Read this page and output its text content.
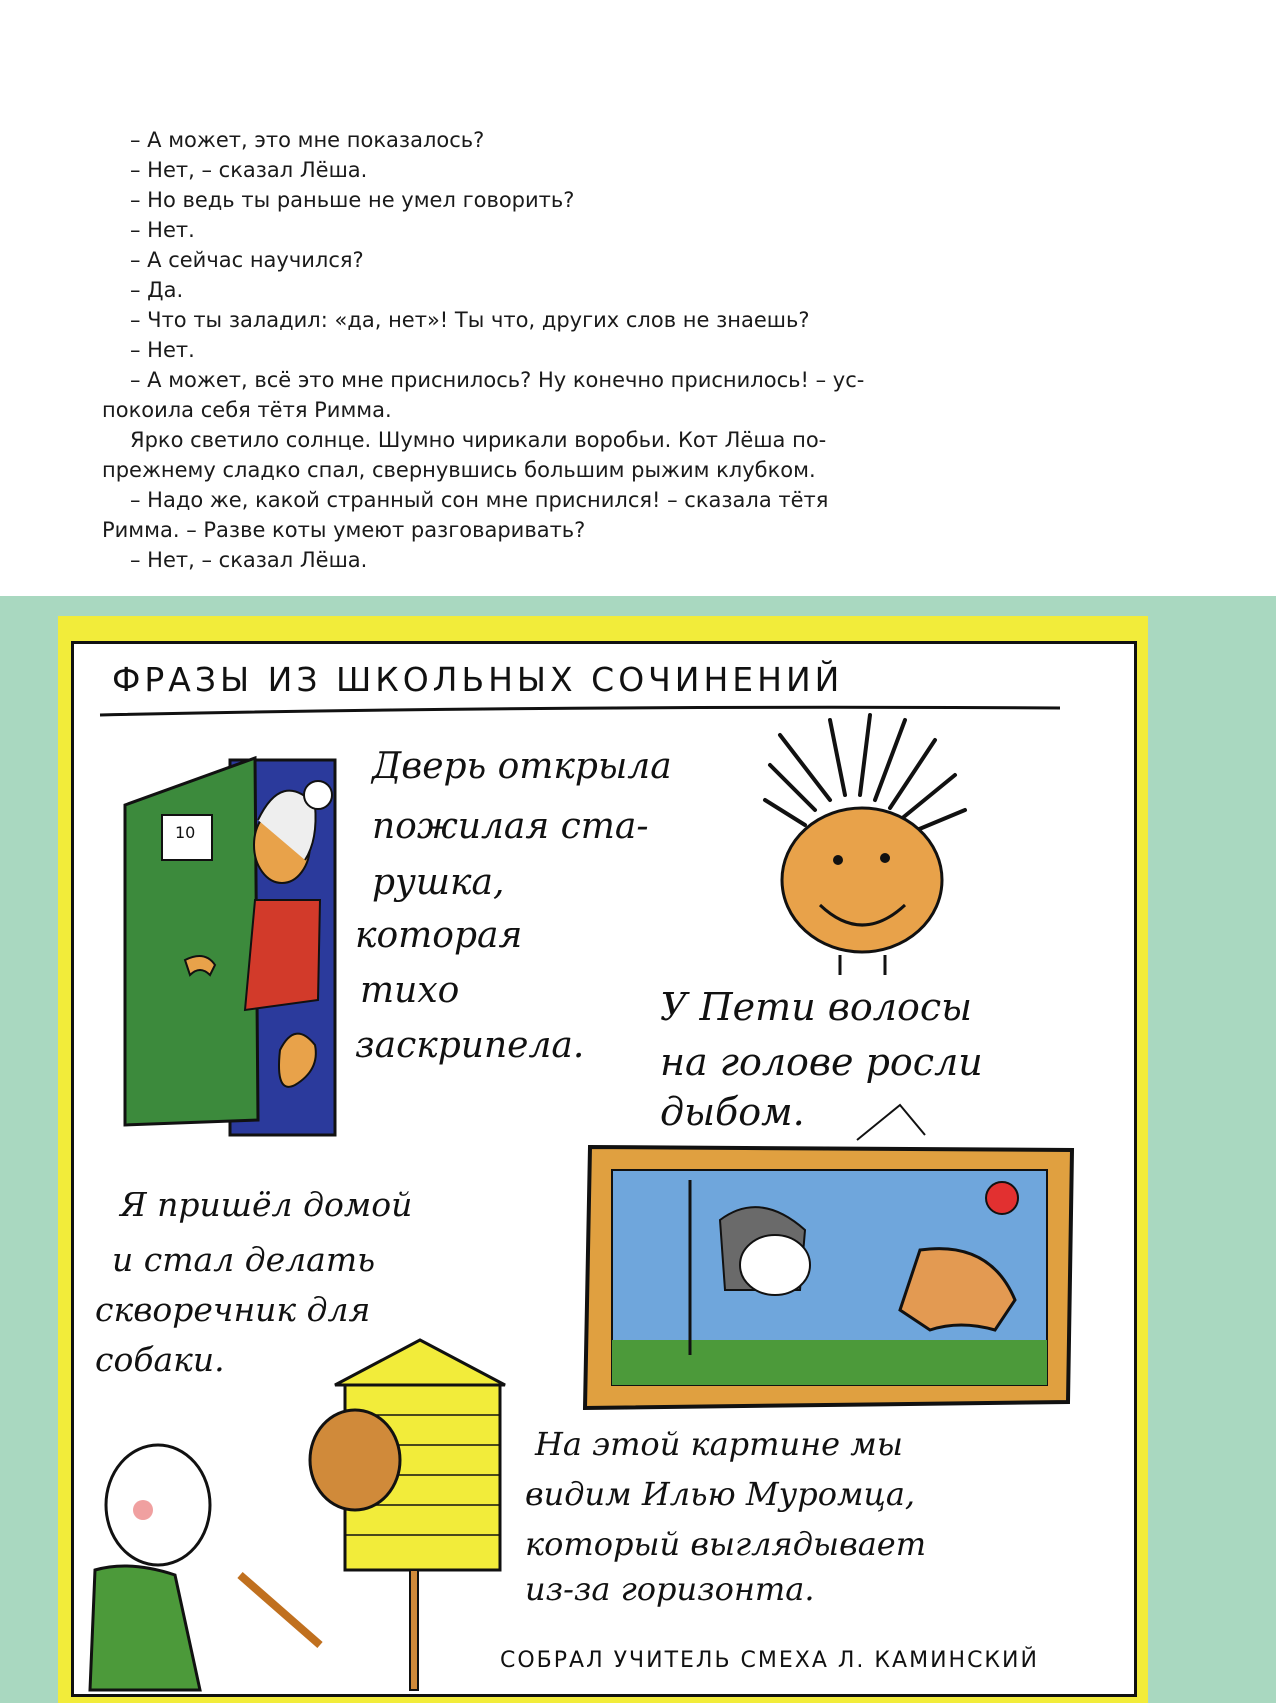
– А может, это мне показалось?

– Нет, – сказал Лёша.

– Но ведь ты раньше не умел говорить?

– Нет.

– А сейчас научился?

– Да.

– Что ты заладил: «да, нет»! Ты что, других слов не знаешь?

– Нет.

– А может, всё это мне приснилось? Ну конечно приснилось! – ус-

покоила себя тётя Римма.

Ярко светило солнце. Шумно чирикали воробьи. Кот Лёша по-

прежнему сладко спал, свернувшись большим рыжим клубком.

– Надо же, какой странный сон мне приснился! – сказала тётя

Римма. – Разве коты умеют разговаривать?

– Нет, – сказал Лёша.

ФРАЗЫ ИЗ ШКОЛЬНЫХ СОЧИНЕНИЙ

10

Дверь открыла

пожилая ста-

рушка,

которая

тихо

заскрипела.

У Пети волосы

на голове росли

дыбом.

Я пришёл домой

и стал делать

скворечник для

собаки.

На этой картине мы

видим Илью Муромца,

который выглядывает

из-за горизонта.

СОБРАЛ УЧИТЕЛЬ СМЕХА Л. КАМИНСКИЙ
